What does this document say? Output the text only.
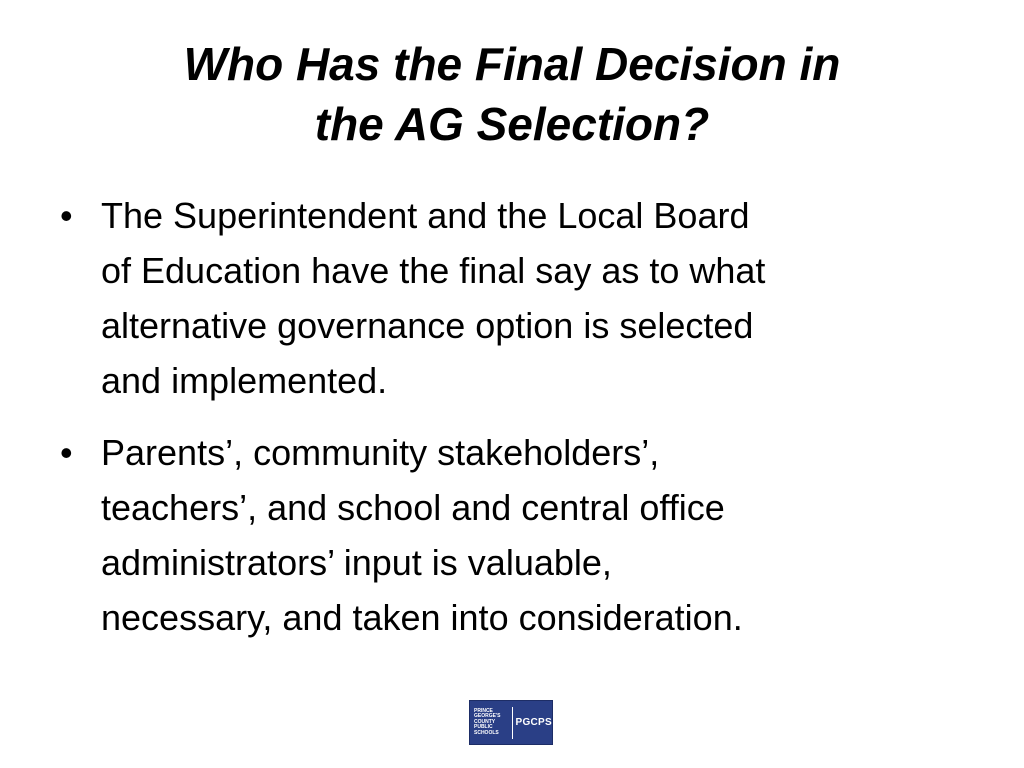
Who Has the Final Decision in
the AG Selection?
• The Superintendent and the Local Board
of Education have the final say as to what
alternative governance option is selected
and implemented.
• Parents’, community stakeholders’,
teachers’, and school and central office
administrators’ input is valuable,
necessary, and taken into consideration.
PRINCE
GEORGE'S
COUNTY
PUBLIC
SCHOOLS
PGCPS
